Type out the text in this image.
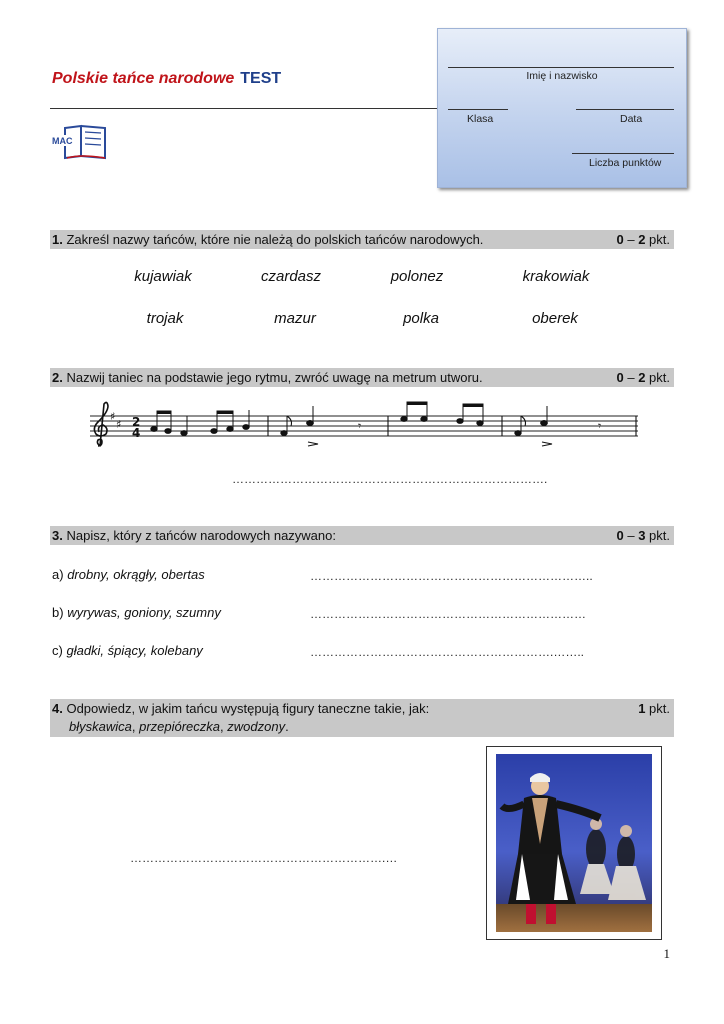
Polskie tańce narodowe TEST
MAC
Imię i nazwisko
Klasa	Data
Liczba punktów
1. Zakreśl nazwy tańców, które nie należą do polskich tańców narodowych.	0 – 2 pkt.
kujawiak	czardasz	polonez	krakowiak
trojak	mazur	polka	oberek
2. Nazwij taniec na podstawie jego rytmu, zwróć uwagę na metrum utworu.	0 – 2 pkt.
♯
♯ 2
4	𝄾	𝄾
…………………………………………………………………….
3. Napisz, który z tańców narodowych nazywano:	0 – 3 pkt.
a) drobny, okrągły, obertas	……………………………………………………………..
b) wyrywas, goniony, szumny	……………………………………………………………
c) gładki, śpiący, kolebany	…………………………………………………….……..
4. Odpowiedz, w jakim tańcu występują figury taneczne takie, jak:	1 pkt.
błyskawica, przepióreczka, zwodzony.
……………………………………………………….…
1
